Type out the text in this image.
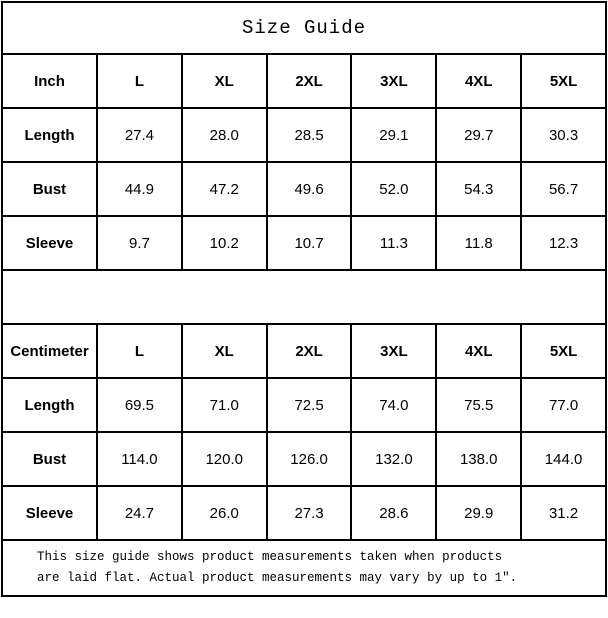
Size Guide						
Inch	L	XL	2XL	3XL	4XL	5XL
Length	27.4	28.0	28.5	29.1	29.7	30.3
Bust	44.9	47.2	49.6	52.0	54.3	56.7
Sleeve	9.7	10.2	10.7	11.3	11.8	12.3

Centimeter	L	XL	2XL	3XL	4XL	5XL
Length	69.5	71.0	72.5	74.0	75.5	77.0
Bust	114.0	120.0	126.0	132.0	138.0	144.0
Sleeve	24.7	26.0	27.3	28.6	29.9	31.2

This size guide shows product measurements taken when products
are laid flat. Actual product measurements may vary by up to 1″.						
